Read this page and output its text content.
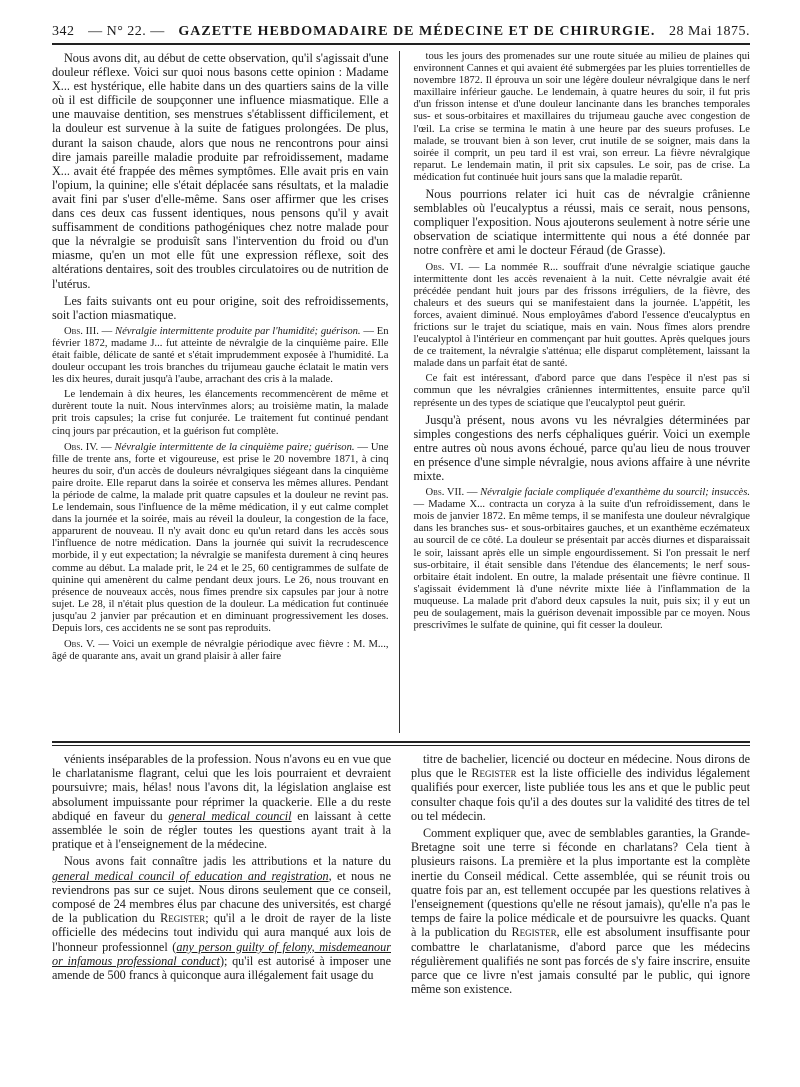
342 — N° 22. — GAZETTE HEBDOMADAIRE DE MÉDECINE ET DE CHIRURGIE. 28 Mai 1875.

Nous avons dit, au début de cette observation, qu'il s'agissait d'une douleur réflexe. Voici sur quoi nous basons cette opinion : Madame X... est hystérique, elle habite dans un des quartiers sains de la ville où il est difficile de soupçonner une influence miasmatique. Elle a une mauvaise dentition, ses menstrues s'établissent difficilement, et la douleur est survenue à la suite de fatigues prolongées. De plus, durant la saison chaude, alors que nous ne rencontrons pour ainsi dire jamais pareille maladie produite par refroidissement, madame X... avait été frappée des mêmes symptômes. Elle avait pris en vain l'opium, la quinine; elle s'était déplacée sans résultats, et la maladie avait fini par s'user d'elle-même. Sans oser affirmer que les crises dans ces deux cas fussent identiques, nous pensons qu'il y avait suffisamment de conditions pathogéniques chez notre malade pour que la névralgie se produisît sans l'intervention du froid ou d'un miasme, qu'en un mot elle fût une expression réflexe, soit des altérations dentaires, soit des troubles circulatoires ou de nutrition de l'utérus.

Les faits suivants ont eu pour origine, soit des refroidissements, soit l'action miasmatique.

Obs. III. — Névralgie intermittente produite par l'humidité; guérison. — En février 1872, madame J... fut atteinte de névralgie de la cinquième paire. Elle était faible, délicate de santé et s'était imprudemment exposée à l'humidité. La douleur occupant les trois branches du trijumeau gauche éclatait le matin vers les dix heures, durait jusqu'à l'aube, arrachant des cris à la malade.

Le lendemain à dix heures, les élancements recommencèrent de même et durèrent toute la nuit. Nous intervînmes alors; au troisième matin, la malade prit trois capsules; la crise fut conjurée. Le traitement fut continué pendant cinq jours par précaution, et la guérison fut complète.

Obs. IV. — Névralgie intermittente de la cinquième paire; guérison. — Une fille de trente ans, forte et vigoureuse, est prise le 20 novembre 1871, à cinq heures du soir, d'un accès de douleurs névralgiques siégeant dans la cinquième paire droite. Elle reparut dans la soirée et conserva les mêmes allures. Pendant la période de calme, la malade prit quatre capsules et la douleur ne revint pas. Le lendemain, sous l'influence de la même médication, il y eut calme complet dans la journée et la soirée, mais au réveil la douleur, la congestion de la face, apparurent de nouveau. Il n'y avait donc eu qu'un retard dans les accès sous l'influence de notre médication. Dans la journée qui suivit la recrudescence morbide, il y eut expectation; la névralgie se manifesta durement à cinq heures comme au début. La malade prit, le 24 et le 25, 60 centigrammes de sulfate de quinine qui amenèrent du calme pendant deux jours. Le 26, nous trouvant en présence de nouveaux accès, nous fîmes prendre six capsules par jour à notre sujet. Le 28, il n'était plus question de la douleur. La médication fut continuée jusqu'au 2 janvier par précaution et en diminuant progressivement les doses. Depuis lors, ces accidents ne se sont pas reproduits.

Obs. V. — Voici un exemple de névralgie périodique avec fièvre : M. M..., âgé de quarante ans, avait un grand plaisir à aller faire

tous les jours des promenades sur une route située au milieu de plaines qui environnent Cannes et qui avaient été submergées par les pluies torrentielles de novembre 1872. Il éprouva un soir une légère douleur névralgique dans le nerf maxillaire inférieur gauche. Le lendemain, à quatre heures du soir, il fut pris d'un frisson intense et d'une douleur lancinante dans les branches temporales sus- et sous-orbitaires et maxillaires du trijumeau gauche avec congestion de l'œil. La crise se termina le matin à une heure par des sueurs profuses. Le malade, se trouvant bien à son lever, crut inutile de se soigner, mais dans la soirée il comprit, un peu tard il est vrai, son erreur. La fièvre névralgique reparut. Le lendemain matin, il prit six capsules. Le soir, pas de crise. La médication fut continuée huit jours sans que la maladie reparût.

Nous pourrions relater ici huit cas de névralgie crânienne semblables où l'eucalyptus a réussi, mais ce serait, nous pensons, compliquer l'exposition. Nous ajouterons seulement à notre série une observation de sciatique intermittente qui nous a été donnée par notre confrère et ami le docteur Féraud (de Grasse).

Obs. VI. — La nommée R... souffrait d'une névralgie sciatique gauche intermittente dont les accès revenaient à la nuit. Cette névralgie avait été précédée pendant huit jours par des frissons irréguliers, de la fièvre, des chaleurs et des sueurs qui se manifestaient dans la journée. L'appétit, les forces, avaient diminué. Nous employâmes d'abord l'essence d'eucalyptus en frictions sur le trajet du sciatique, mais en vain. Nous fîmes alors prendre l'eucalyptol à l'intérieur en commençant par huit gouttes. Après quelques jours de ce traitement, la névralgie s'atténua; elle disparut complètement, laissant la malade dans un parfait état de santé.

Ce fait est intéressant, d'abord parce que dans l'espèce il n'est pas si commun que les névralgies crâniennes intermittentes, ensuite parce qu'il représente un des types de sciatique que l'eucalyptol peut guérir.

Jusqu'à présent, nous avons vu les névralgies déterminées par simples congestions des nerfs céphaliques guérir. Voici un exemple entre autres où nous avons échoué, parce qu'au lieu de nous trouver en présence d'une simple névralgie, nous avions affaire à une névrite mixte.

Obs. VII. — Névralgie faciale compliquée d'exanthème du sourcil; insuccès. — Madame X... contracta un coryza à la suite d'un refroidissement, dans le mois de janvier 1872. En même temps, il se manifesta une douleur névralgique dans les branches sus- et sous-orbitaires gauches, et un exanthème eczémateux au sourcil de ce côté. La douleur se présentait par accès diurnes et disparaissait le soir, laissant après elle un simple engourdissement. Si l'on pressait le nerf sus-orbitaire, il était sensible dans l'étendue des élancements; le nerf sous-orbitaire était indolent. En outre, la malade présentait une fièvre continue. Il s'agissait évidemment là d'une névrite mixte liée à l'inflammation de la muqueuse. La malade prit d'abord deux capsules la nuit, puis six; il y eut un peu de soulagement, mais la guérison devenait impossible par ce moyen. Nous prescrivîmes le sulfate de quinine, qui fit cesser la douleur.

vénients inséparables de la profession. Nous n'avons eu en vue que le charlatanisme flagrant, celui que les lois pourraient et devraient poursuivre; mais, hélas! nous l'avons dit, la législation anglaise est absolument impuissante pour réprimer la quackerie. Elle a du reste abdiqué en faveur du general medical council en laissant à cette assemblée le soin de régler toutes les questions ayant trait à la pratique et à l'enseignement de la médecine.

Nous avons fait connaître jadis les attributions et la nature du general medical council of education and registration, et nous ne reviendrons pas sur ce sujet. Nous dirons seulement que ce conseil, composé de 24 membres élus par chacune des universités, est chargé de la publication du Register; qu'il a le droit de rayer de la liste officielle des médecins tout individu qui aura manqué aux lois de l'honneur professionnel (any person guilty of felony, misdemeanour or infamous professional conduct); qu'il est autorisé à imposer une amende de 500 francs à quiconque aura illégalement fait usage du

titre de bachelier, licencié ou docteur en médecine. Nous dirons de plus que le Register est la liste officielle des individus légalement qualifiés pour exercer, liste publiée tous les ans et que le public peut consulter chaque fois qu'il a des doutes sur la validité des titres de tel ou tel médecin.

Comment expliquer que, avec de semblables garanties, la Grande-Bretagne soit une terre si féconde en charlatans? Cela tient à plusieurs raisons. La première et la plus importante est la complète inertie du Conseil médical. Cette assemblée, qui se réunit trois ou quatre fois par an, est tellement occupée par les questions relatives à l'enseignement (questions qu'elle ne résout jamais), qu'elle n'a pas le temps de faire la police médicale et de poursuivre les quacks. Quant à la publication du Register, elle est absolument insuffisante pour combattre le charlatanisme, d'abord parce que les médecins régulièrement qualifiés ne sont pas forcés de s'y faire inscrire, ensuite parce que ce livre n'est jamais consulté par le public, qui ignore même son existence.
